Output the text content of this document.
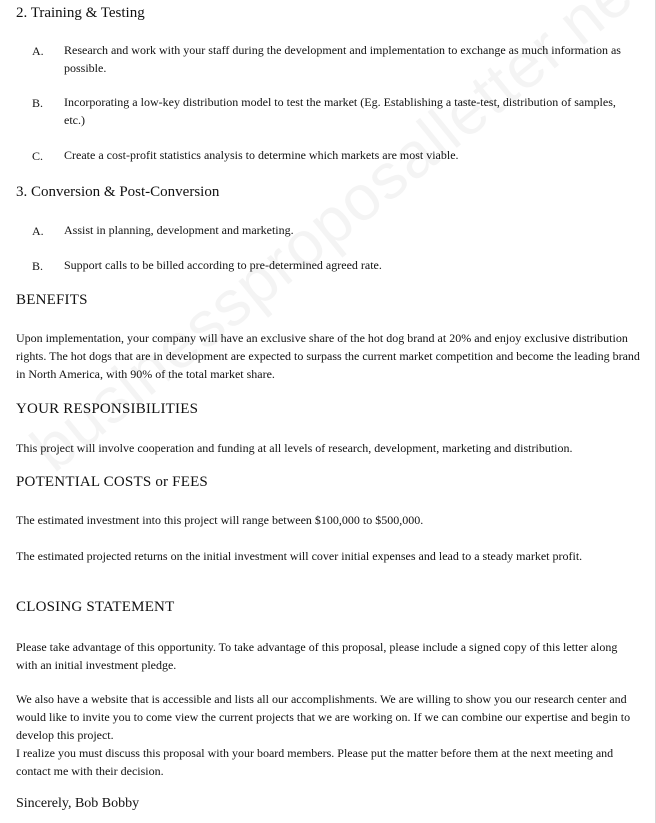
2. Training & Testing

A. Research and work with your staff during the development and implementation to exchange as much information as possible.

B. Incorporating a low-key distribution model to test the market (Eg. Establishing a taste-test, distribution of samples, etc.)

C. Create a cost-profit statistics analysis to determine which markets are most viable.

3. Conversion & Post-Conversion

A. Assist in planning, development and marketing.

B. Support calls to be billed according to pre-determined agreed rate.

BENEFITS

Upon implementation, your company will have an exclusive share of the hot dog brand at 20% and enjoy exclusive distribution rights. The hot dogs that are in development are expected to surpass the current market competition and become the leading brand in North America, with 90% of the total market share.

YOUR RESPONSIBILITIES

This project will involve cooperation and funding at all levels of research, development, marketing and distribution.

POTENTIAL COSTS or FEES

The estimated investment into this project will range between $100,000 to $500,000.

The estimated projected returns on the initial investment will cover initial expenses and lead to a steady market profit.

CLOSING STATEMENT

Please take advantage of this opportunity. To take advantage of this proposal, please include a signed copy of this letter along with an initial investment pledge.

We also have a website that is accessible and lists all our accomplishments. We are willing to show you our research center and would like to invite you to come view the current projects that we are working on. If we can combine our expertise and begin to develop this project.

I realize you must discuss this proposal with your board members. Please put the matter before them at the next meeting and contact me with their decision.

Sincerely, Bob Bobby
